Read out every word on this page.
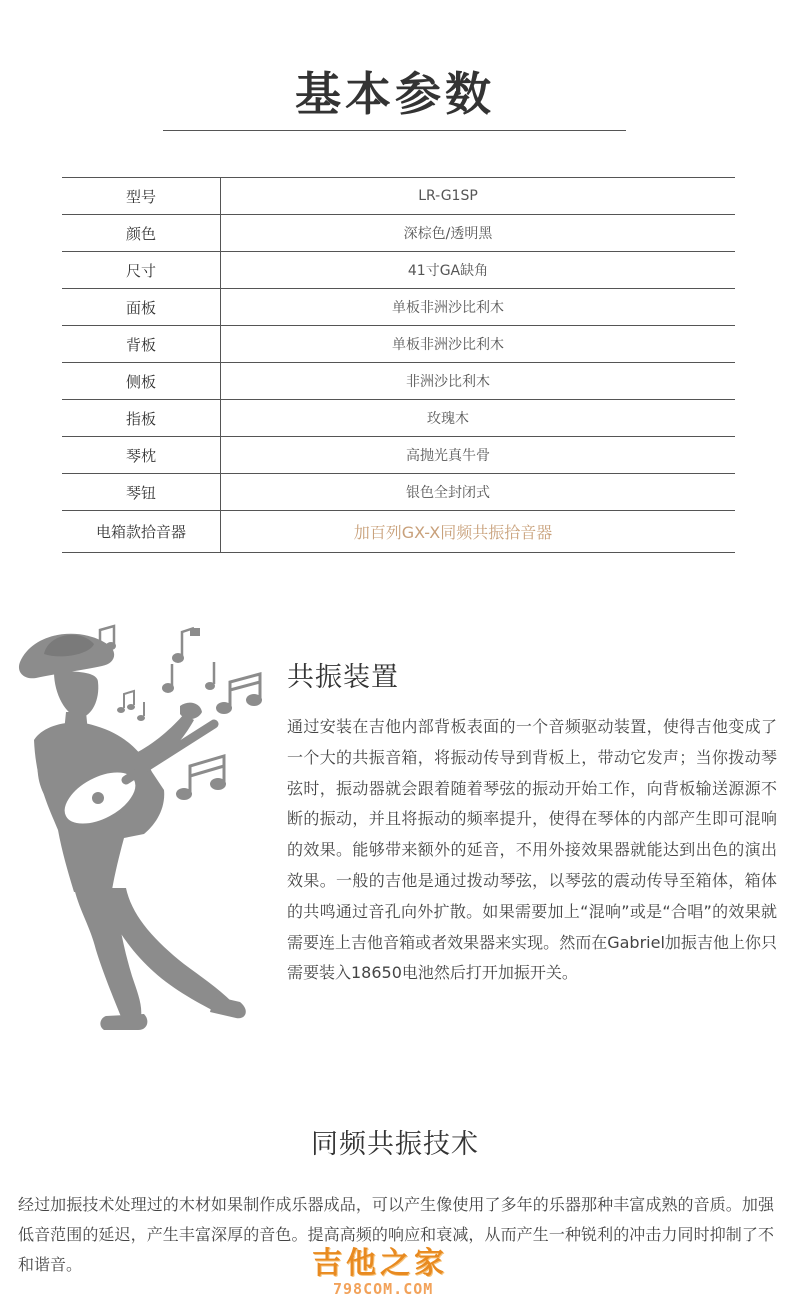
基本参数
型号	LR-G1SP
颜色	深棕色/透明黑
尺寸	41寸GA缺角
面板	单板非洲沙比利木
背板	单板非洲沙比利木
侧板	非洲沙比利木
指板	玫瑰木
琴枕	高抛光真牛骨
琴钮	银色全封闭式
电箱款拾音器	加百列GX-X同频共振拾音器
共振装置
通过安装在吉他内部背板表面的一个音频驱动装置，使得吉他变成了一个大的共振音箱，将振动传导到背板上，带动它发声；当你拨动琴弦时，振动器就会跟着随着琴弦的振动开始工作，向背板输送源源不断的振动，并且将振动的频率提升，使得在琴体的内部产生即可混响的效果。能够带来额外的延音，不用外接效果器就能达到出色的演出效果。一般的吉他是通过拨动琴弦，以琴弦的震动传导至箱体，箱体的共鸣通过音孔向外扩散。如果需要加上“混响”或是“合唱”的效果就需要连上吉他音箱或者效果器来实现。然而在Gabriel加振吉他上你只需要装入18650电池然后打开加振开关。
同频共振技术
经过加振技术处理过的木材如果制作成乐器成品，可以产生像使用了多年的乐器那种丰富成熟的音质。加强低音范围的延迟，产生丰富深厚的音色。提高高频的响应和衰减，从而产生一种锐利的冲击力同时抑制了不和谐音。	吉他之家
798COM.COM
